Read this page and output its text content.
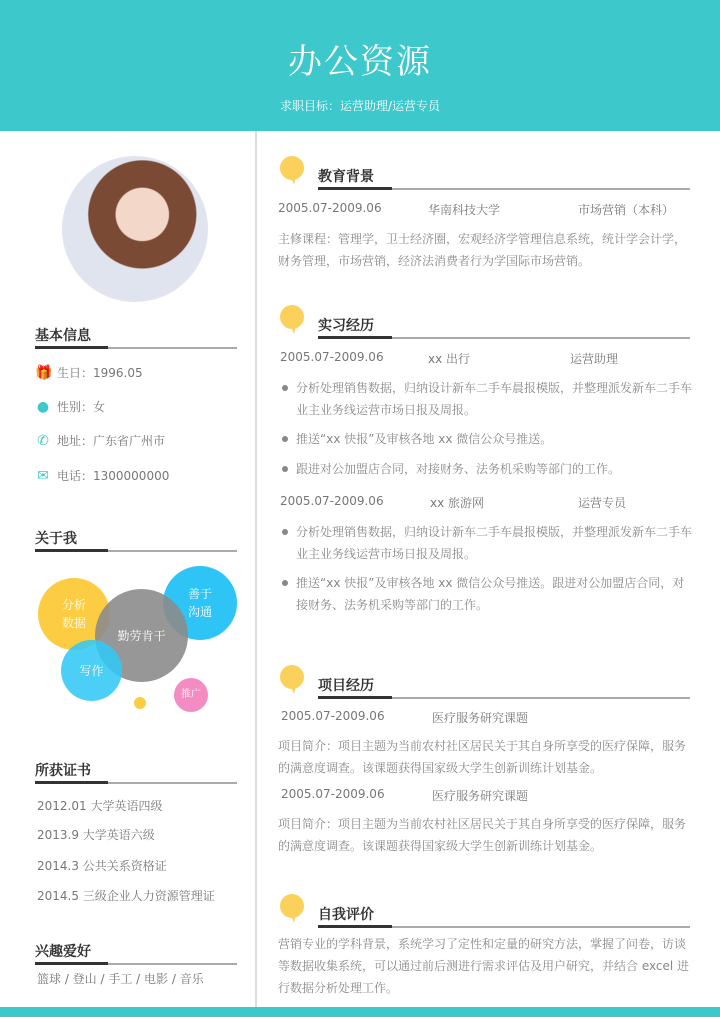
办公资源
求职目标：运营助理/运营专员
基本信息
🎁 生日：1996.05
● 性别：女
✆ 地址：广东省广州市
✉ 电话：1300000000
关于我
分析
数据
善于
沟通
勤劳肯干
写作
推广
所获证书
2012.01 大学英语四级
2013.9 大学英语六级
2014.3 公共关系资格证
2014.5 三级企业人力资源管理证
兴趣爱好
篮球 / 登山 / 手工 / 电影 / 音乐
教育背景
2005.07-2009.06	华南科技大学	市场营销（本科）
主修课程：管理学，卫士经济圈，宏观经济学管理信息系统，统计学会计学，财务管理，市场营销，经济法消费者行为学国际市场营销。
实习经历
2005.07-2009.06	xx 出行	运营助理
分析处理销售数据，归纳设计新车二手车晨报模版，并整理派发新车二手车业主业务线运营市场日报及周报。
推送“xx 快报”及审核各地 xx 微信公众号推送。
跟进对公加盟店合同，对接财务、法务机采购等部门的工作。
2005.07-2009.06	xx 旅游网	运营专员
分析处理销售数据，归纳设计新车二手车晨报模版，并整理派发新车二手车业主业务线运营市场日报及周报。
推送“xx 快报”及审核各地 xx 微信公众号推送。跟进对公加盟店合同，对接财务、法务机采购等部门的工作。
项目经历
2005.07-2009.06	医疗服务研究课题
项目简介：项目主题为当前农村社区居民关于其自身所享受的医疗保障，服务的满意度调查。该课题获得国家级大学生创新训练计划基金。
2005.07-2009.06	医疗服务研究课题
项目简介：项目主题为当前农村社区居民关于其自身所享受的医疗保障，服务的满意度调查。该课题获得国家级大学生创新训练计划基金。
自我评价
营销专业的学科背景，系统学习了定性和定量的研究方法，掌握了问卷，访谈等数据收集系统，可以通过前后测进行需求评估及用户研究，并结合 excel 进行数据分析处理工作。
